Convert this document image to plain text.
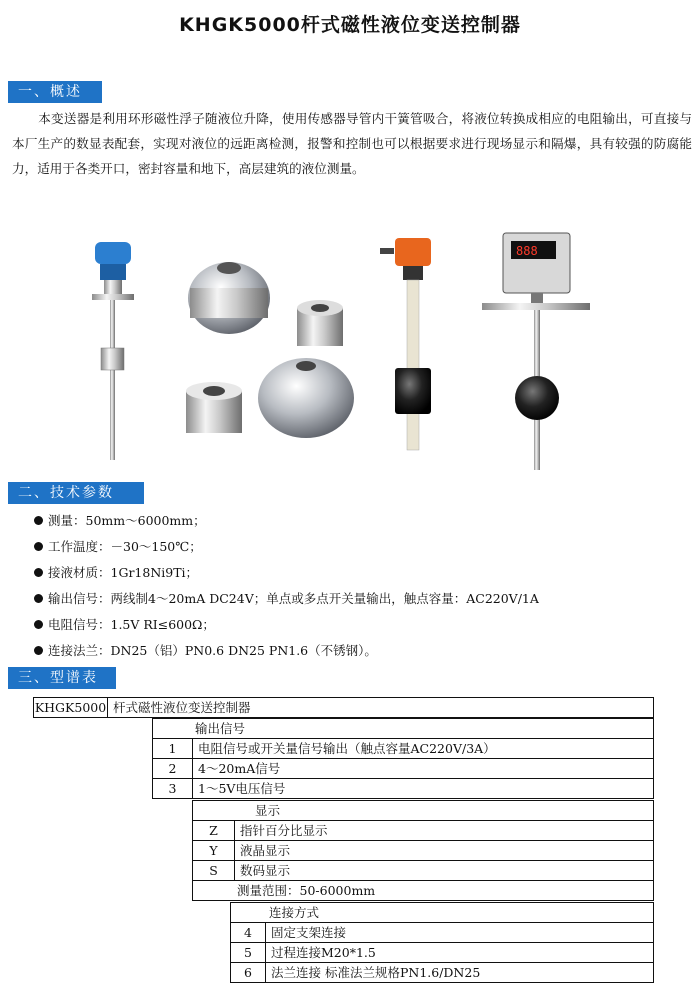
KHGK5000杆式磁性液位变送控制器
一、概述
本变送器是利用环形磁性浮子随液位升降，使用传感器导管内干簧管吸合，将液位转换成相应的电阻输出，可直接与本厂生产的数显表配套，实现对液位的远距离检测，报警和控制也可以根据要求进行现场显示和隔爆，具有较强的防腐能力，适用于各类开口，密封容量和地下，高层建筑的液位测量。
888
二、技术参数
测量：50mm～6000mm；
工作温度：－30～150℃；
接液材质：1Gr18Ni9Ti；
输出信号：两线制4～20mA DC24V；单点或多点开关量输出，触点容量：AC220V/1A
电阻信号：1.5V RI≤600Ω；
连接法兰：DN25（铝）PN0.6 DN25 PN1.6（不锈钢）。
三、型谱表
KHGK5000 杆式磁性液位变送控制器
输出信号
1	电阻信号或开关量信号输出（触点容量AC220V/3A）
2	4～20mA信号
3	1～5V电压信号
显示
Z	指针百分比显示
Y	液晶显示
S	数码显示
测量范围：50-6000mm
连接方式
4	固定支架连接
5	过程连接M20*1.5
6	法兰连接 标准法兰规格PN1.6/DN25
